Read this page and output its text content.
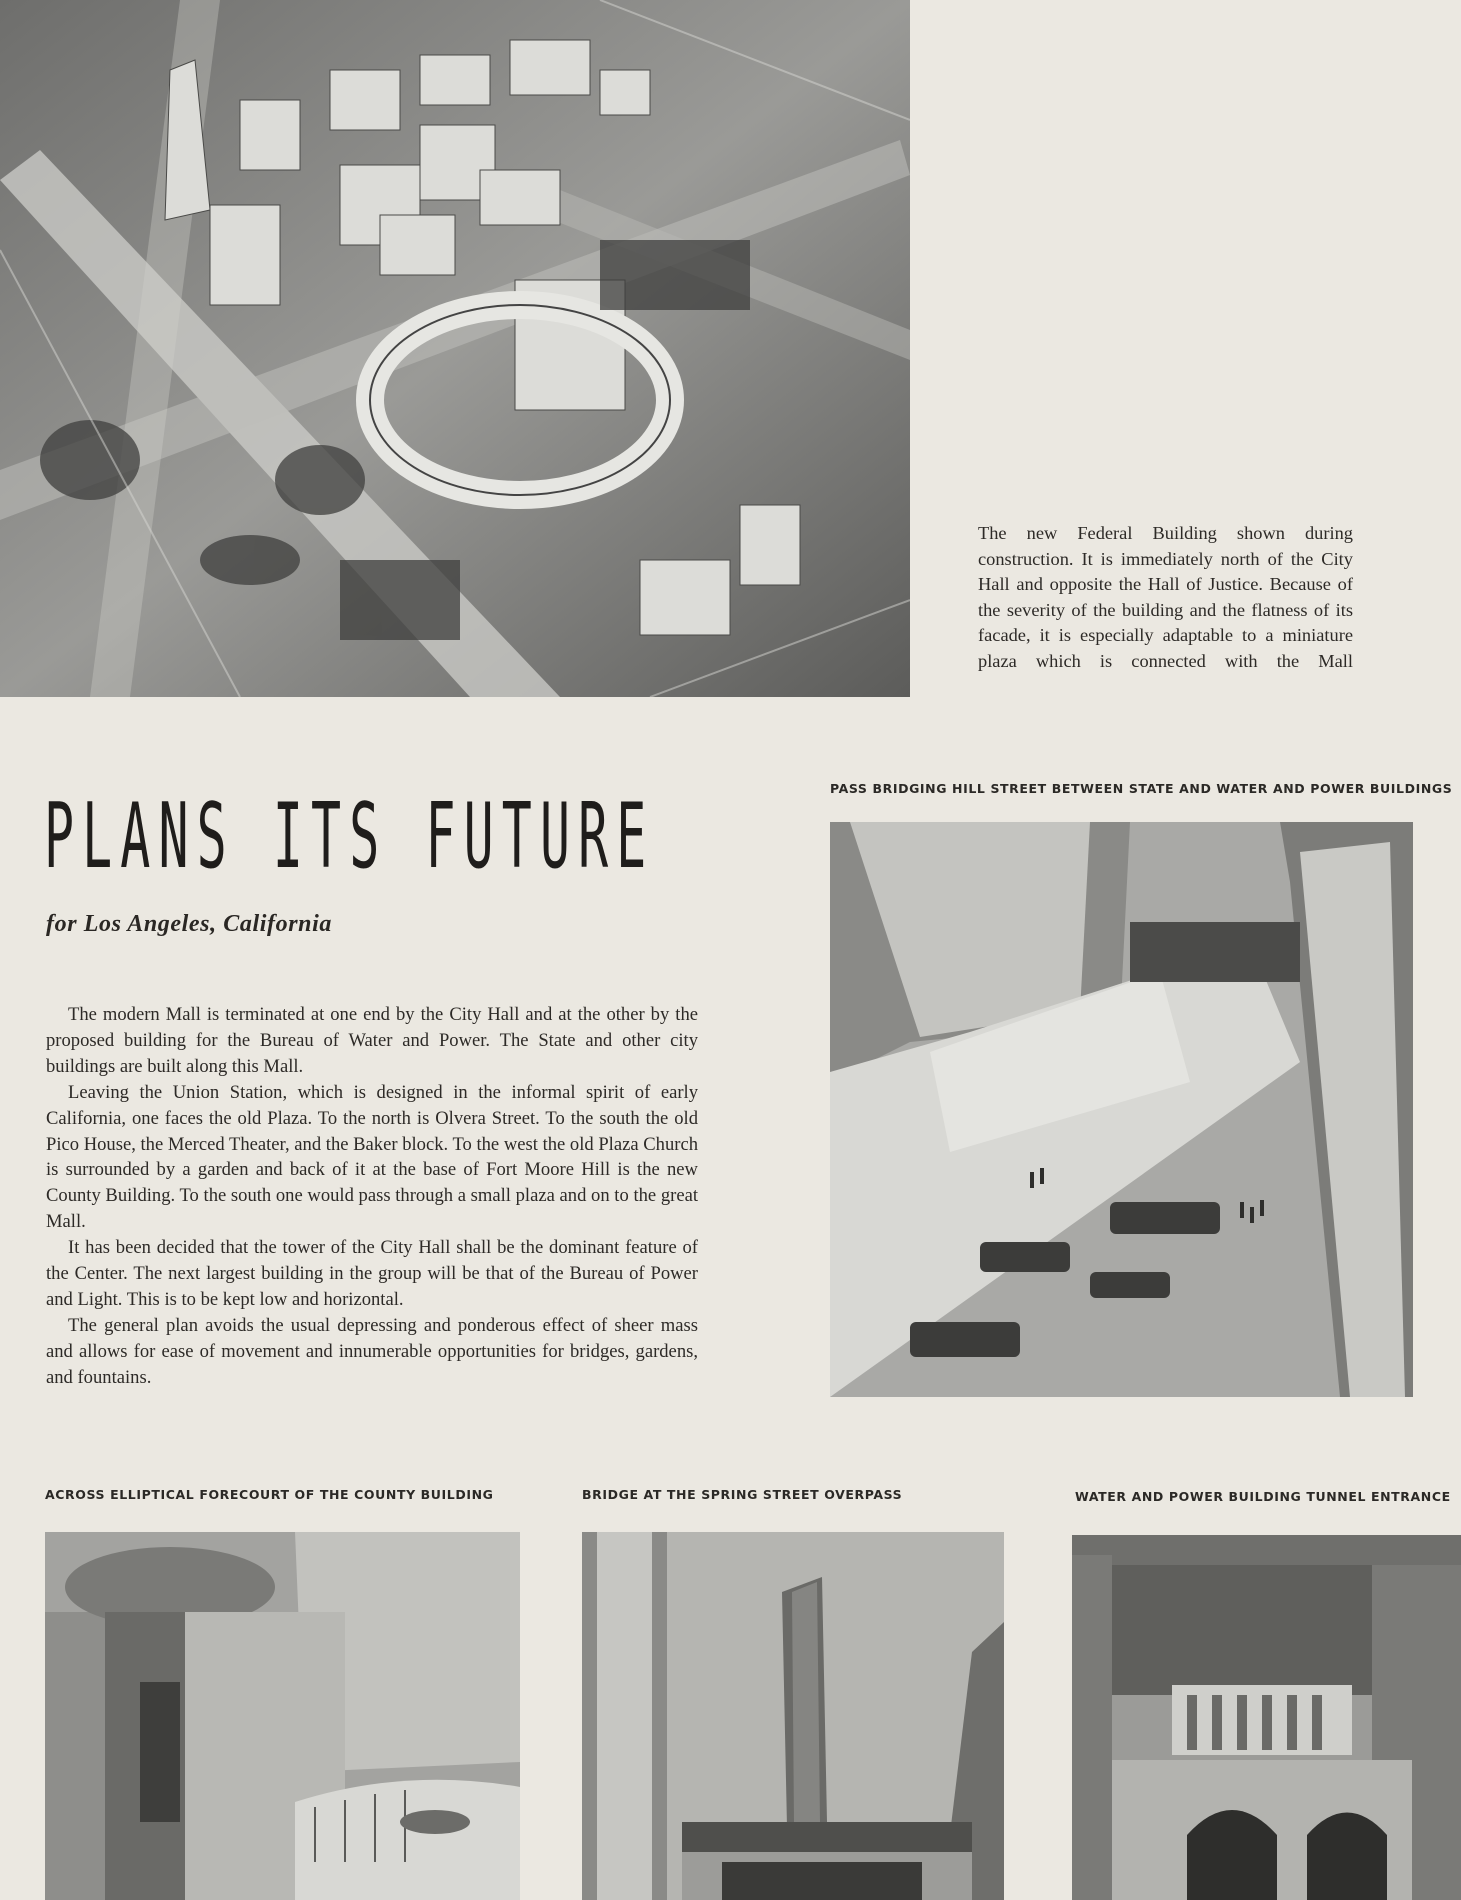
The new Federal Building shown during construction. It is immediately north of the City Hall and opposite the Hall of Justice. Because of the severity of the building and the flatness of its facade, it is especially adaptable to a miniature plaza which is connected with the Mall

PASS BRIDGING HILL STREET BETWEEN STATE AND WATER AND POWER BUILDINGS
PLANS ITS FUTURE
for Los Angeles, California

The modern Mall is terminated at one end by the City Hall and at the other by the proposed building for the Bureau of Water and Power. The State and other city buildings are built along this Mall.

Leaving the Union Station, which is designed in the informal spirit of early California, one faces the old Plaza. To the north is Olvera Street. To the south the old Pico House, the Merced Theater, and the Baker block. To the west the old Plaza Church is surrounded by a garden and back of it at the base of Fort Moore Hill is the new County Building. To the south one would pass through a small plaza and on to the great Mall.

It has been decided that the tower of the City Hall shall be the dominant feature of the Center. The next largest building in the group will be that of the Bureau of Power and Light. This is to be kept low and horizontal.

The general plan avoids the usual depressing and ponderous effect of sheer mass and allows for ease of movement and innumerable opportunities for bridges, gardens, and fountains.

ACROSS ELLIPTICAL FORECOURT OF THE COUNTY BUILDING	BRIDGE AT THE SPRING STREET OVERPASS	WATER AND POWER BUILDING TUNNEL ENTRANCE
